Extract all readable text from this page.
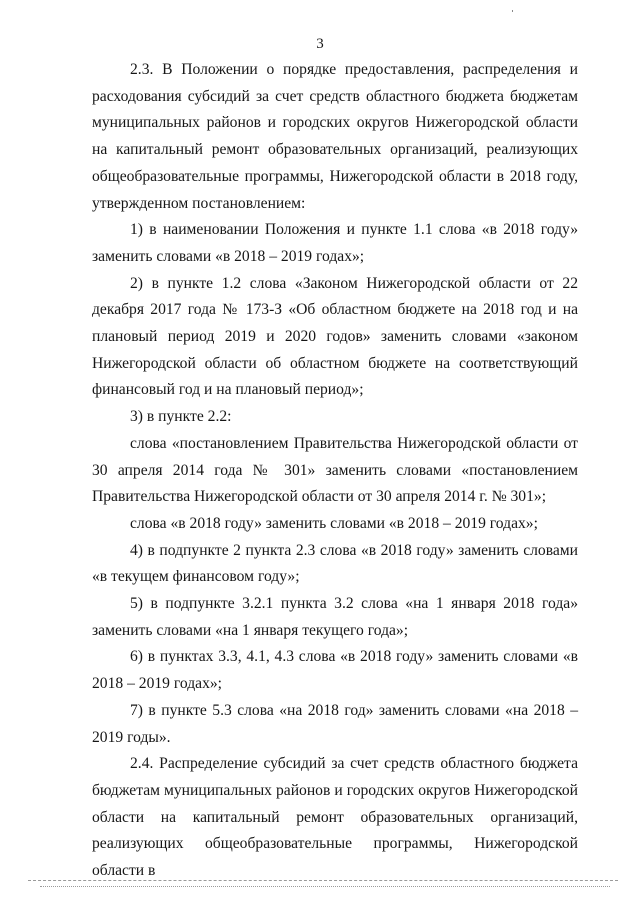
3

2.3. В Положении о порядке предоставления, распределения и расходования субсидий за счет средств областного бюджета бюджетам муниципальных районов и городских округов Нижегородской области на капитальный ремонт образовательных организаций, реализующих общеобразовательные программы, Нижегородской области в 2018 году, утвержденном постановлением:

1) в наименовании Положения и пункте 1.1 слова «в 2018 году» заменить словами «в 2018 – 2019 годах»;

2) в пункте 1.2 слова «Законом Нижегородской области от 22 декабря 2017 года № 173-З «Об областном бюджете на 2018 год и на плановый период 2019 и 2020 годов» заменить словами «законом Нижегородской области об областном бюджете на соответствующий финансовый год и на плановый период»;

3) в пункте 2.2:

слова «постановлением Правительства Нижегородской области от 30 апреля 2014 года № 301» заменить словами «постановлением Правительства Нижегородской области от 30 апреля 2014 г. № 301»;

слова «в 2018 году» заменить словами «в 2018 – 2019 годах»;

4) в подпункте 2 пункта 2.3 слова «в 2018 году» заменить словами «в текущем финансовом году»;

5) в подпункте 3.2.1 пункта 3.2 слова «на 1 января 2018 года» заменить словами «на 1 января текущего года»;

6) в пунктах 3.3, 4.1, 4.3 слова «в 2018 году» заменить словами «в 2018 – 2019 годах»;

7) в пункте 5.3 слова «на 2018 год» заменить словами «на 2018 – 2019 годы».

2.4. Распределение субсидий за счет средств областного бюджета бюджетам муниципальных районов и городских округов Нижегородской области на капитальный ремонт образовательных организаций, реализующих общеобразовательные программы, Нижегородской области в
